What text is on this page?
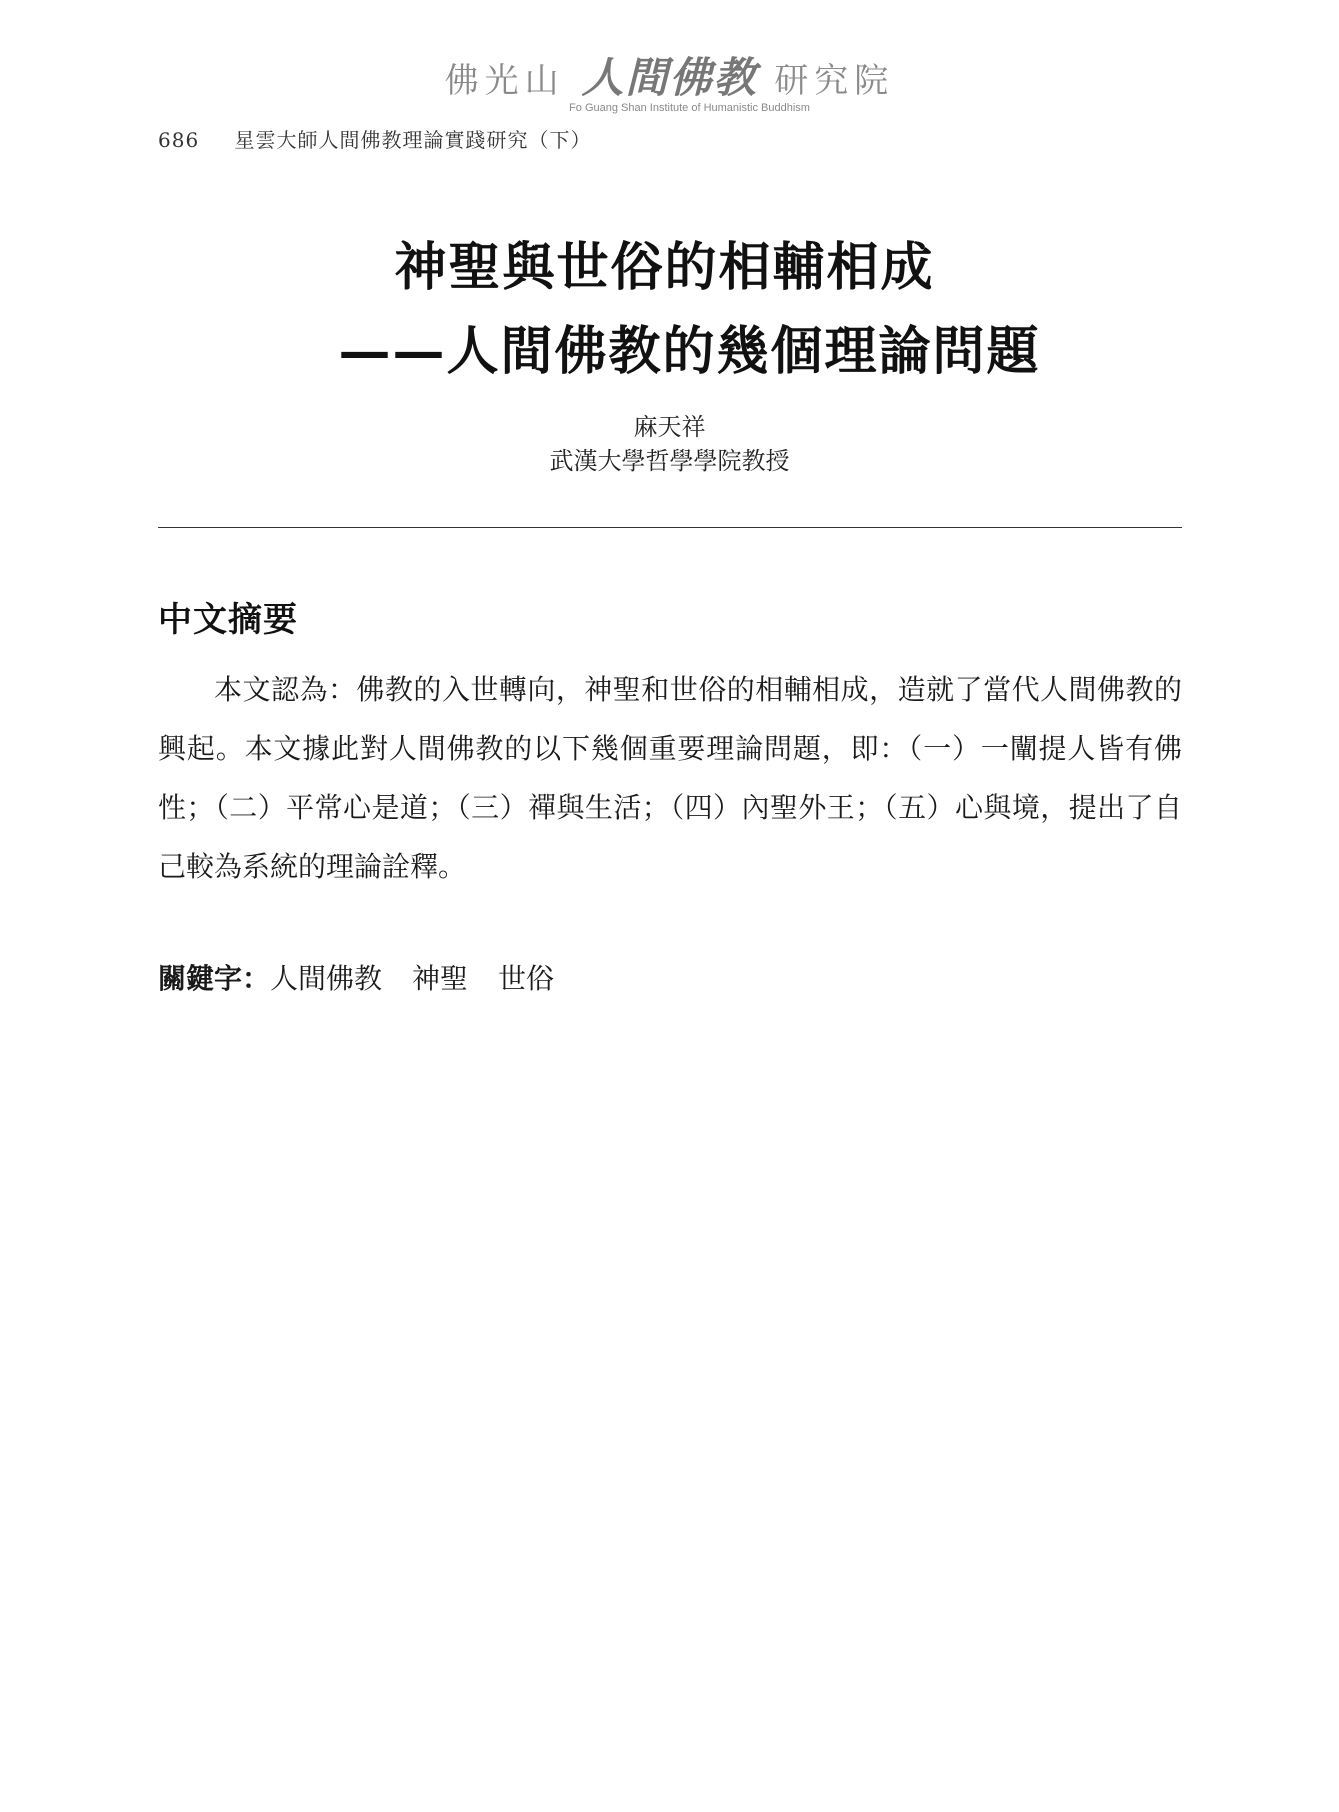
佛光山 人間佛教 研究院
Fo Guang Shan Institute of Humanistic Buddhism
686 星雲大師人間佛教理論實踐研究（下）
神聖與世俗的相輔相成
——人間佛教的幾個理論問題
麻天祥
武漢大學哲學學院教授
中文摘要

本文認為：佛教的入世轉向，神聖和世俗的相輔相成，造就了當代人間佛教的興起。本文據此對人間佛教的以下幾個重要理論問題，即：（一）一闡提人皆有佛性；（二）平常心是道；（三）禪與生活；（四）內聖外王；（五）心與境，提出了自己較為系統的理論詮釋。

關鍵字：人間佛教 神聖 世俗
